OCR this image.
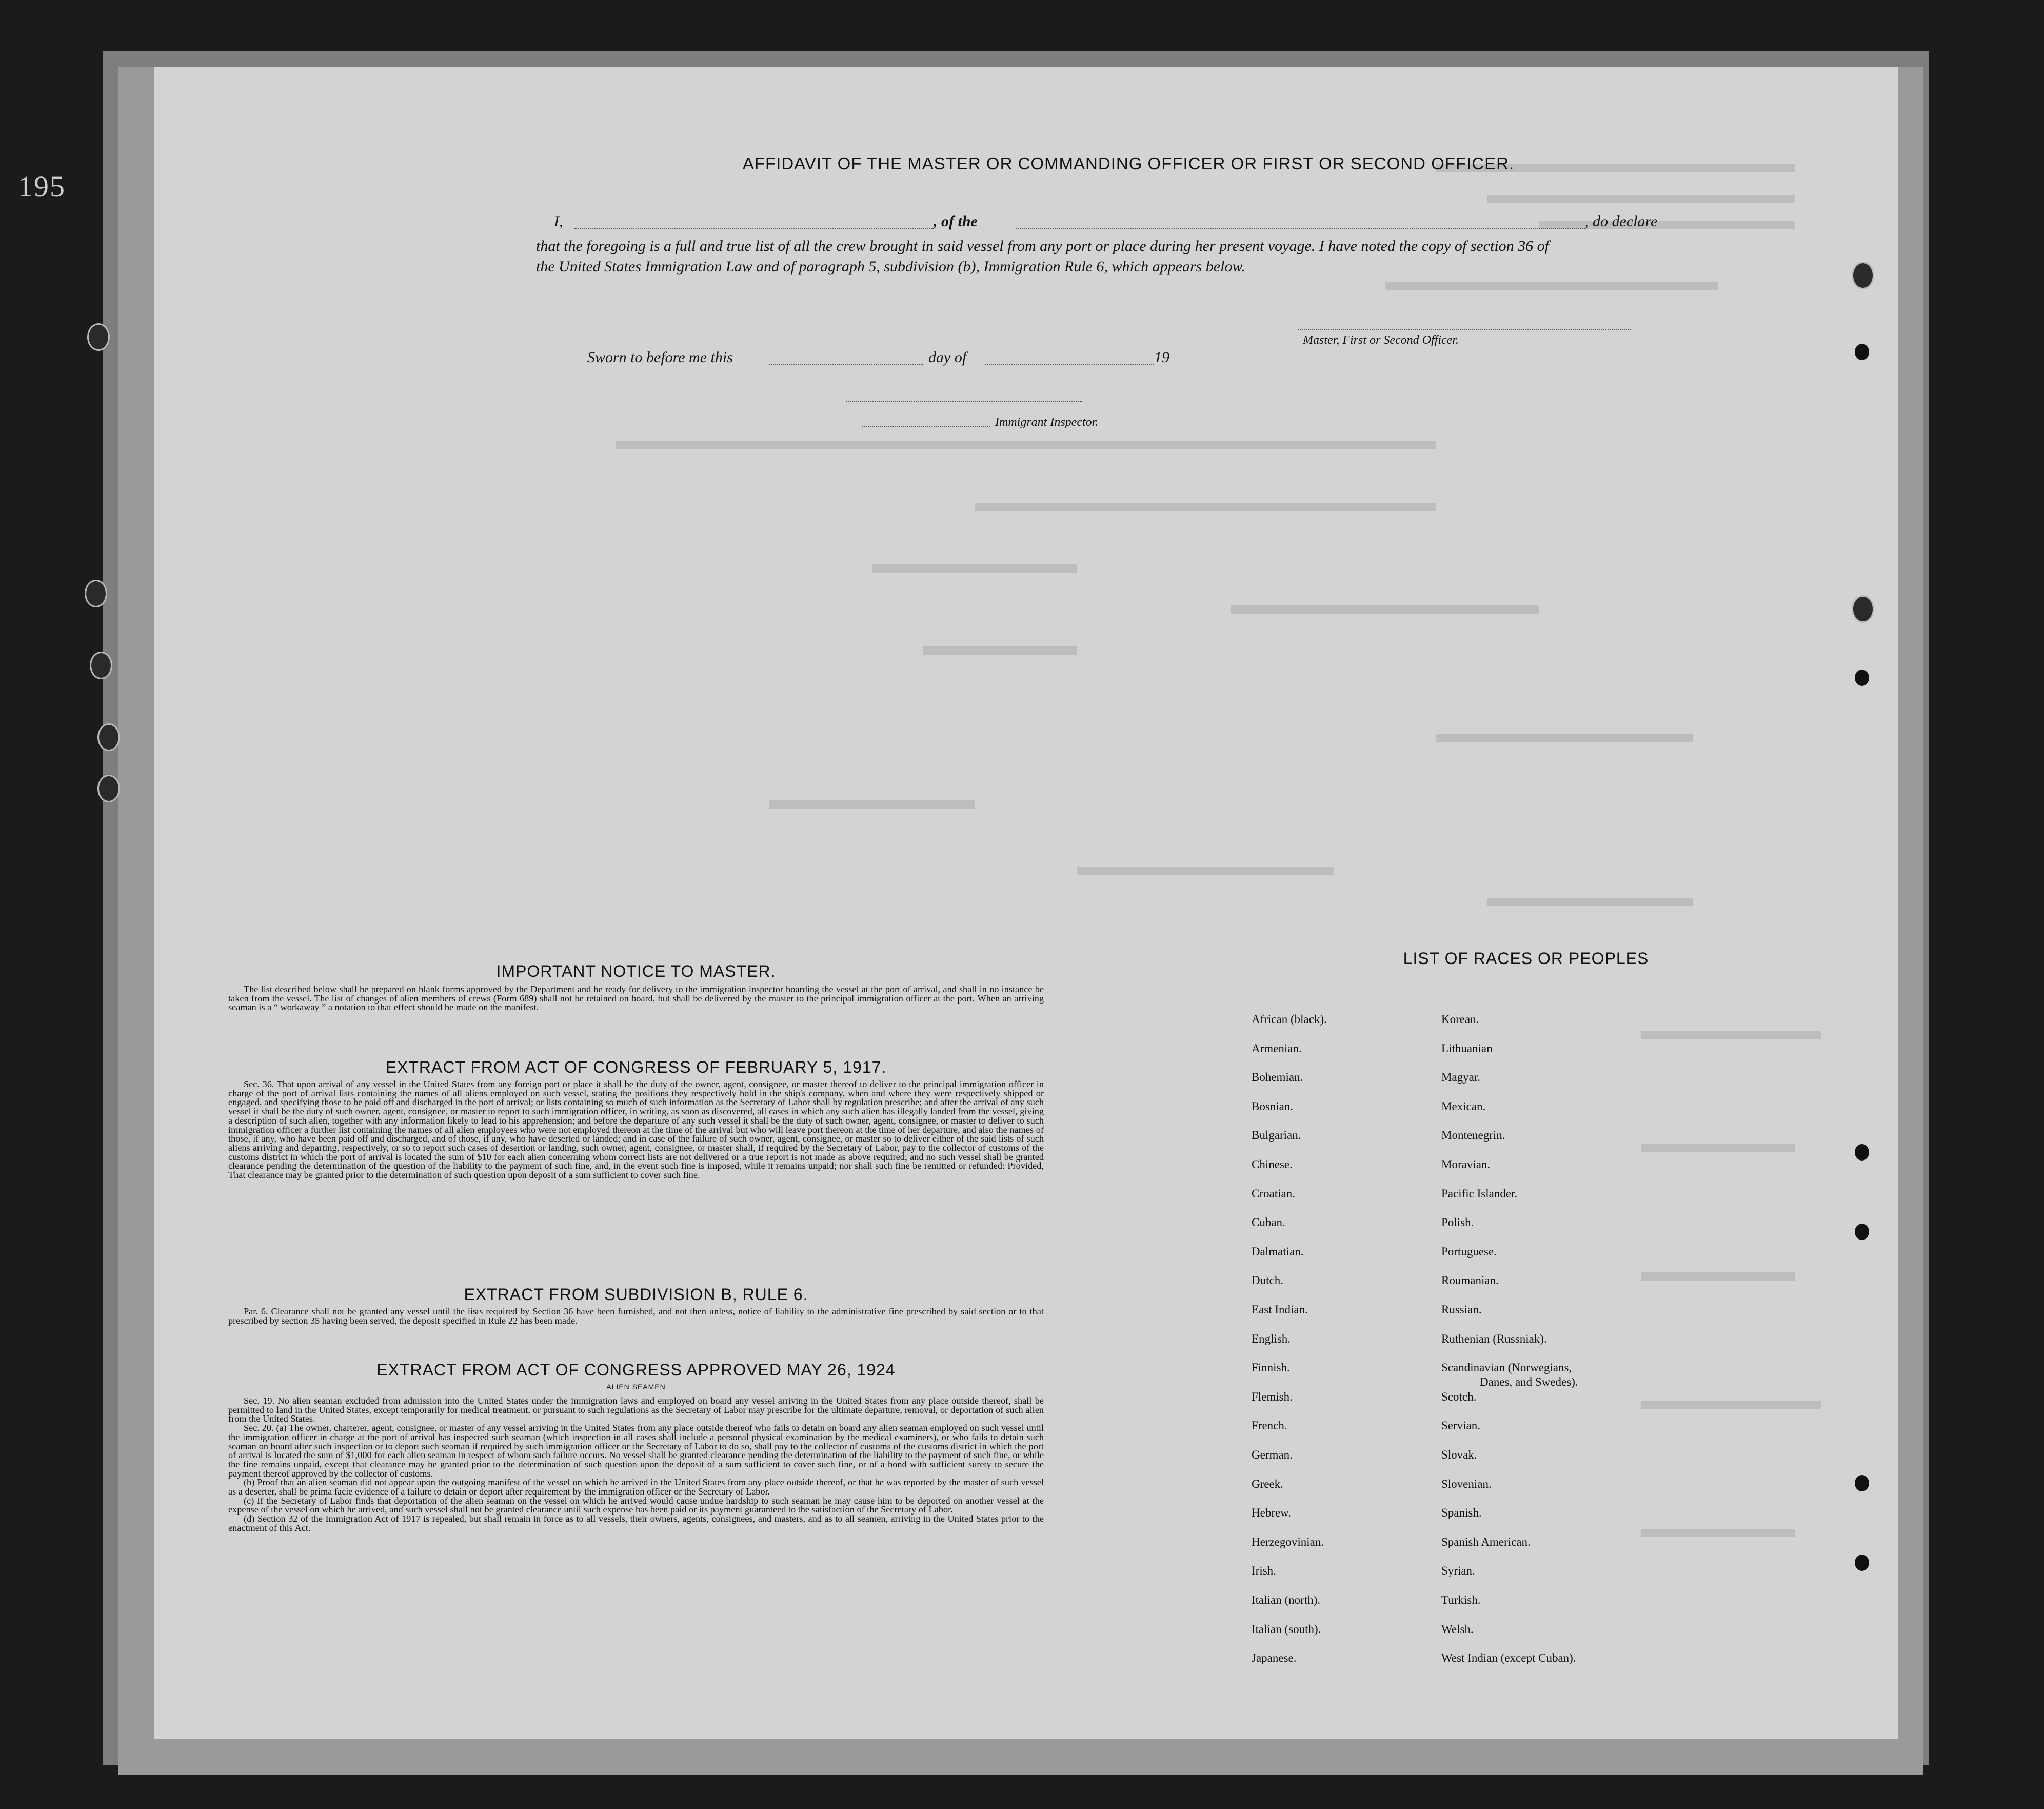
195
AFFIDAVIT OF THE MASTER OR COMMANDING OFFICER OR FIRST OR SECOND OFFICER.
I,	, of the	, do declare
that the foregoing is a full and true list of all the crew brought in said vessel from any port or place during her present voyage. I have noted the copy of section 36 of the United States Immigration Law and of paragraph 5, subdivision (b), Immigration Rule 6, which appears below.
Master, First or Second Officer.
Sworn to before me this	day of	19
Immigrant Inspector.
IMPORTANT NOTICE TO MASTER.

The list described below shall be prepared on blank forms approved by the Department and be ready for delivery to the immigration inspector boarding the vessel at the port of arrival, and shall in no instance be taken from the vessel. The list of changes of alien members of crews (Form 689) shall not be retained on board, but shall be delivered by the master to the principal immigration officer at the port. When an arriving seaman is a “ workaway ” a notation to that effect should be made on the manifest.

EXTRACT FROM ACT OF CONGRESS OF FEBRUARY 5, 1917.

Sec. 36. That upon arrival of any vessel in the United States from any foreign port or place it shall be the duty of the owner, agent, consignee, or master thereof to deliver to the principal immigration officer in charge of the port of arrival lists containing the names of all aliens employed on such vessel, stating the positions they respectively hold in the ship's company, when and where they were respectively shipped or engaged, and specifying those to be paid off and discharged in the port of arrival; or lists containing so much of such information as the Secretary of Labor shall by regulation prescribe; and after the arrival of any such vessel it shall be the duty of such owner, agent, consignee, or master to report to such immigration officer, in writing, as soon as discovered, all cases in which any such alien has illegally landed from the vessel, giving a description of such alien, together with any information likely to lead to his apprehension; and before the departure of any such vessel it shall be the duty of such owner, agent, consignee, or master to deliver to such immigration officer a further list containing the names of all alien employees who were not employed thereon at the time of the arrival but who will leave port thereon at the time of her departure, and also the names of those, if any, who have been paid off and discharged, and of those, if any, who have deserted or landed; and in case of the failure of such owner, agent, consignee, or master so to deliver either of the said lists of such aliens arriving and departing, respectively, or so to report such cases of desertion or landing, such owner, agent, consignee, or master shall, if required by the Secretary of Labor, pay to the collector of customs of the customs district in which the port of arrival is located the sum of $10 for each alien concerning whom correct lists are not delivered or a true report is not made as above required; and no such vessel shall be granted clearance pending the determination of the question of the liability to the payment of such fine, and, in the event such fine is imposed, while it remains unpaid; nor shall such fine be remitted or refunded: Provided, That clearance may be granted prior to the determination of such question upon deposit of a sum sufficient to cover such fine.

EXTRACT FROM SUBDIVISION B, RULE 6.

Par. 6. Clearance shall not be granted any vessel until the lists required by Section 36 have been furnished, and not then unless, notice of liability to the administrative fine prescribed by said section or to that prescribed by section 35 having been served, the deposit specified in Rule 22 has been made.

EXTRACT FROM ACT OF CONGRESS APPROVED MAY 26, 1924
ALIEN SEAMEN

Sec. 19. No alien seaman excluded from admission into the United States under the immigration laws and employed on board any vessel arriving in the United States from any place outside thereof, shall be permitted to land in the United States, except temporarily for medical treatment, or pursuant to such regulations as the Secretary of Labor may prescribe for the ultimate departure, removal, or deportation of such alien from the United States.

Sec. 20. (a) The owner, charterer, agent, consignee, or master of any vessel arriving in the United States from any place outside thereof who fails to detain on board any alien seaman employed on such vessel until the immigration officer in charge at the port of arrival has inspected such seaman (which inspection in all cases shall include a personal physical examination by the medical examiners), or who fails to detain such seaman on board after such inspection or to deport such seaman if required by such immigration officer or the Secretary of Labor to do so, shall pay to the collector of customs of the customs district in which the port of arrival is located the sum of $1,000 for each alien seaman in respect of whom such failure occurs. No vessel shall be granted clearance pending the determination of the liability to the payment of such fine, or while the fine remains unpaid, except that clearance may be granted prior to the determination of such question upon the deposit of a sum sufficient to cover such fine, or of a bond with sufficient surety to secure the payment thereof approved by the collector of customs.

(b) Proof that an alien seaman did not appear upon the outgoing manifest of the vessel on which he arrived in the United States from any place outside thereof, or that he was reported by the master of such vessel as a deserter, shall be prima facie evidence of a failure to detain or deport after requirement by the immigration officer or the Secretary of Labor.

(c) If the Secretary of Labor finds that deportation of the alien seaman on the vessel on which he arrived would cause undue hardship to such seaman he may cause him to be deported on another vessel at the expense of the vessel on which he arrived, and such vessel shall not be granted clearance until such expense has been paid or its payment guaranteed to the satisfaction of the Secretary of Labor.

(d) Section 32 of the Immigration Act of 1917 is repealed, but shall remain in force as to all vessels, their owners, agents, consignees, and masters, and as to all seamen, arriving in the United States prior to the enactment of this Act.

LIST OF RACES OR PEOPLES
African (black).
Armenian.
Bohemian.
Bosnian.
Bulgarian.
Chinese.
Croatian.
Cuban.
Dalmatian.
Dutch.
East Indian.
English.
Finnish.
Flemish.
French.
German.
Greek.
Hebrew.
Herzegovinian.
Irish.
Italian (north).
Italian (south).
Japanese.
Korean.
Lithuanian
Magyar.
Mexican.
Montenegrin.
Moravian.
Pacific Islander.
Polish.
Portuguese.
Roumanian.
Russian.
Ruthenian (Russniak).
Scandinavian (Norwegians,
Danes, and Swedes).
Scotch.
Servian.
Slovak.
Slovenian.
Spanish.
Spanish American.
Syrian.
Turkish.
Welsh.
West Indian (except Cuban).
